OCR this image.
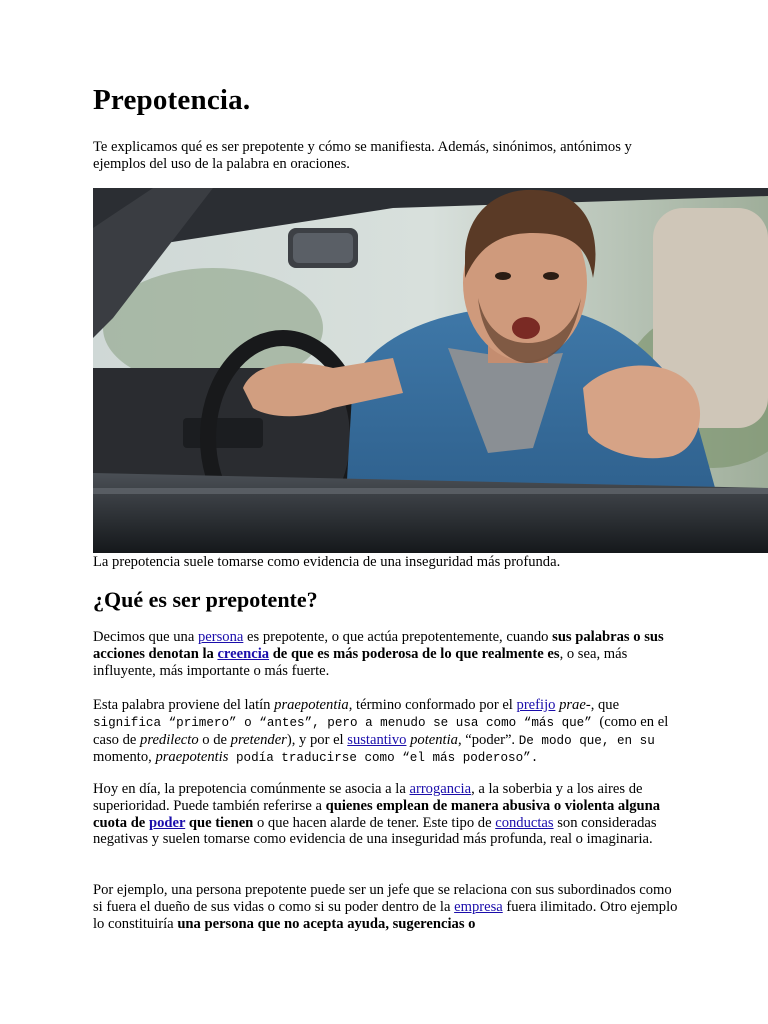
Prepotencia.

Te explicamos qué es ser prepotente y cómo se manifiesta. Además, sinónimos, antónimos y ejemplos del uso de la palabra en oraciones.

La prepotencia suele tomarse como evidencia de una inseguridad más profunda.

¿Qué es ser prepotente?

Decimos que una persona es prepotente, o que actúa prepotentemente, cuando sus palabras o sus acciones denotan la creencia de que es más poderosa de lo que realmente es, o sea, más influyente, más importante o más fuerte.

Esta palabra proviene del latín praepotentia, término conformado por el prefijo prae-, que significa “primero” o “antes”, pero a menudo se usa como “más que” (como en el caso de predilecto o de pretender), y por el sustantivo potentia, “poder”. De modo que, en su momento, praepotentis podía traducirse como “el más poderoso”.

Hoy en día, la prepotencia comúnmente se asocia a la arrogancia, a la soberbia y a los aires de superioridad. Puede también referirse a quienes emplean de manera abusiva o violenta alguna cuota de poder que tienen o que hacen alarde de tener. Este tipo de conductas son consideradas negativas y suelen tomarse como evidencia de una inseguridad más profunda, real o imaginaria.

Por ejemplo, una persona prepotente puede ser un jefe que se relaciona con sus subordinados como si fuera el dueño de sus vidas o como si su poder dentro de la empresa fuera ilimitado. Otro ejemplo lo constituiría una persona que no acepta ayuda, sugerencias o
